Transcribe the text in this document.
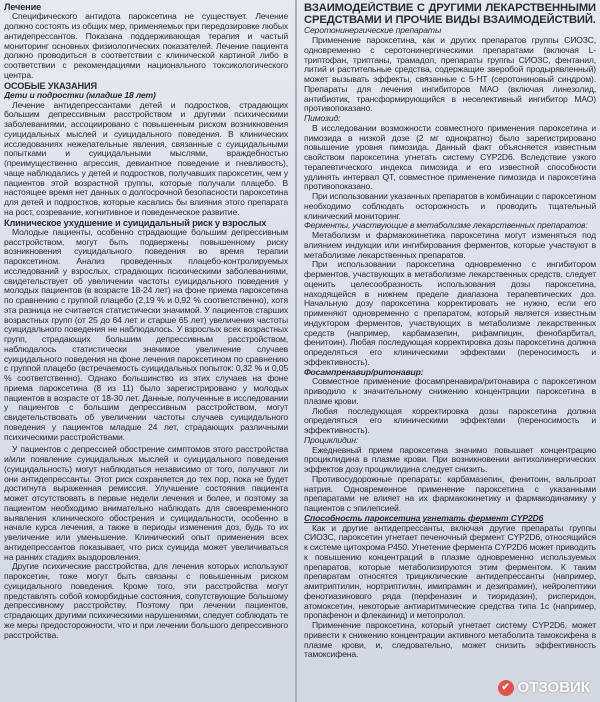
Лечение

Специфического антидота пароксетина не существует. Лечение должно состоять из общих мер, применяемых при передозировке любых антидепрессантов. Показана поддерживающая терапия и частый мониторинг основных физиологических показателей. Лечение пациента должно проводиться в соответствии с клинической картиной либо в соответствии с рекомендациями национального токсикологического центра.

ОСОБЫЕ УКАЗАНИЯ

Дети и подростки (младше 18 лет)

Лечение антидепрессантами детей и подростков, страдающих большим депрессивным расстройством и другими психическими заболеваниями, ассоциировано с повышенным риском возникновения суицидальных мыслей и суицидального поведения. В клинических исследованиях нежелательные явления, связанные с суицидальными попытками и суицидальными мыслями, враждебностью (преимущественно агрессия, девиантное поведение и гневливость), чаще наблюдались у детей и подростков, получавших пароксетин, чем у пациентов этой возрастной группы, которые получали плацебо. В настоящее время нет данных о долгосрочной безопасности пароксетина для детей и подростков, которые касались бы влияния этого препарата на рост, созревание, когнитивное и поведенческое развитие.

Клиническое ухудшение и суицидальный риск у взрослых

Молодые пациенты, особенно страдающие большим депрессивным расстройством, могут быть подвержены повышенному риску возникновения суицидального поведения во время терапии пароксетином. Анализ проведенных плацебо-контролируемых исследований у взрослых, страдающих психическими заболеваниями, свидетельствует об увеличении частоты суицидального поведения у молодых пациентов (в возрасте 18-24 лет) на фоне приема пароксетина по сравнению с группой плацебо (2,19 % и 0,92 % соответственно), хотя эта разница не считается статистически значимой. У пациентов старших возрастных групп (от 25 до 64 лет и старше 65 лет) увеличения частоты суицидального поведения не наблюдалось. У взрослых всех возрастных групп, страдающих большим депрессивным расстройством, наблюдалось статистически значимое увеличение случаев суицидального поведения на фоне лечения пароксетином по сравнению с группой плацебо (встречаемость суицидальных попыток: 0,32 % и 0,05 % соответственно). Однако большинство из этих случаев на фоне приема пароксетина (8 из 11) было зарегистрировано у молодых пациентов в возрасте от 18-30 лет. Данные, полученные в исследовании у пациентов с большим депрессивным расстройством, могут свидетельствовать об увеличении частоты случаев суицидального поведения у пациентов младше 24 лет, страдающих различными психическими расстройствами.

У пациентов с депрессией обострение симптомов этого расстройства и/или появление суицидальных мыслей и суицидального поведения (суицидальность) могут наблюдаться независимо от того, получают ли они антидепрессанты. Этот риск сохраняется до тех пор, пока не будет достигнута выраженная ремиссия. Улучшение состояния пациента может отсутствовать в первые недели лечения и более, и поэтому за пациентом необходимо внимательно наблюдать для своевременного выявления клинического обострения и суицидальности, особенно в начале курса лечения, а также в периоды изменения доз, будь то их увеличение или уменьшение. Клинический опыт применения всех антидепрессантов показывает, что риск суицида может увеличиваться на ранних стадиях выздоровления.

Другие психические расстройства, для лечения которых используют пароксетин, тоже могут быть связаны с повышенным риском суицидального поведения. Кроме того, эти расстройства могут представлять собой коморбидные состояния, сопутствующие большому депрессивному расстройству. Поэтому при лечении пациентов, страдающих другими психическими нарушениями, следует соблюдать те же меры предосторожности, что и при лечении большого депрессивного расстройства.

ВЗАИМОДЕЙСТВИЕ С ДРУГИМИ ЛЕКАРСТВЕННЫМИ СРЕДСТВАМИ И ПРОЧИЕ ВИДЫ ВЗАИМОДЕЙСТВИЙ.

Серотонинергические препараты

Применение пароксетина, как и других препаратов группы СИОЗС, одновременно с серотонинергическими препаратами (включая L-триптофан, триптаны, трамадол, препараты группы СИОЗС, фентанил, литий и растительные средства, содержащие зверобой продырявленный) может вызывать эффекты, связанные с 5-НТ (серотониновый синдром). Препараты для лечения ингибиторов МАО (включая линезолид, антибиотик, трансформирующийся в неселективный ингибитор МАО) противопоказано.

Пимозид:

В исследовании возможности совместного применения пароксетина и пимозида в низкой дозе (2 мг однократно) было зарегистрировано повышение уровня пимозида. Данный факт объясняется известным свойством пароксетина угнетать систему CYP2D6. Вследствие узкого терапевтического индекса пимозида и его известной способности удлинять интервал QT, совместное применение пимозида и пароксетина противопоказано.

При использовании указанных препаратов в комбинации с пароксетином необходимо соблюдать осторожность и проводить тщательный клинический мониторинг.

Ферменты, участвующие в метаболизме лекарственных препаратов:

Метаболизм и фармакокинетика пароксетина могут изменяться под влиянием индукции или ингибирования ферментов, которые участвуют в метаболизме лекарственных препаратов.

При использовании пароксетина одновременно с ингибитором ферментов, участвующих в метаболизме лекарственных средств, следует оценить целесообразность использования дозы пароксетина, находящейся в нижнем пределе диапазона терапевтических доз. Начальную дозу пароксетина корректировать не нужно, если его применяют одновременно с препаратом, который является известным индуктором ферментов, участвующих в метаболизме лекарственных средств (например, карбамазепин, рифампицин, фенобарбитал, фенитоин). Любая последующая корректировка дозы пароксетина должна определяться его клиническими эффектами (переносимость и эффективность).

Фосампренавир/ритонавир:

Совместное применение фосампренавира/ритонавира с пароксетином приводило к значительному снижению концентрации пароксетина в плазме крови.

Любая последующая корректировка дозы пароксетина должна определяться его клиническими эффектами (переносимость и эффективность).

Проциклидин:

Ежедневный прием пароксетина значимо повышает концентрацию проциклидина в плазме крови. При возникновении антихолинергических эффектов дозу проциклидина следует снизить.

Противосудорожные препараты: карбамазепин, фенитоин, вальпроат натрия. Одновременное применение пароксетина с указанными препаратами не влияет на их фармакокинетику и фармакодинамику у пациентов с эпилепсией.

Способность пароксетина угнетать фермент CYP2D6

Как и другие антидепрессанты, включая другие препараты группы СИОЗС, пароксетин угнетает печеночный фермент CYP2D6, относящийся к системе цитохрома Р450. Угнетение фермента CYP2D6 может приводить к повышению концентраций в плазме одновременно используемых препаратов, которые метаболизируются этим ферментом. К таким препаратам относятся трициклические антидепрессанты (например, амитриптилин, нортриптилин, имипрамин и дезипрамин), нейролептики фенотиазинового ряда (перфеназин и тиоридазин), рисперидон, атомоксетин, некоторые антиаритмические средства типа 1с (например, пропафенон и флекаинид) и метопролол.

Применение пароксетина, который угнетает систему CYP2D6, может привести к снижению концентрации активного метаболита тамоксифена в плазме крови, и, следовательно, может снизить эффективность тамоксифена.

✔ ОТЗОВИК
